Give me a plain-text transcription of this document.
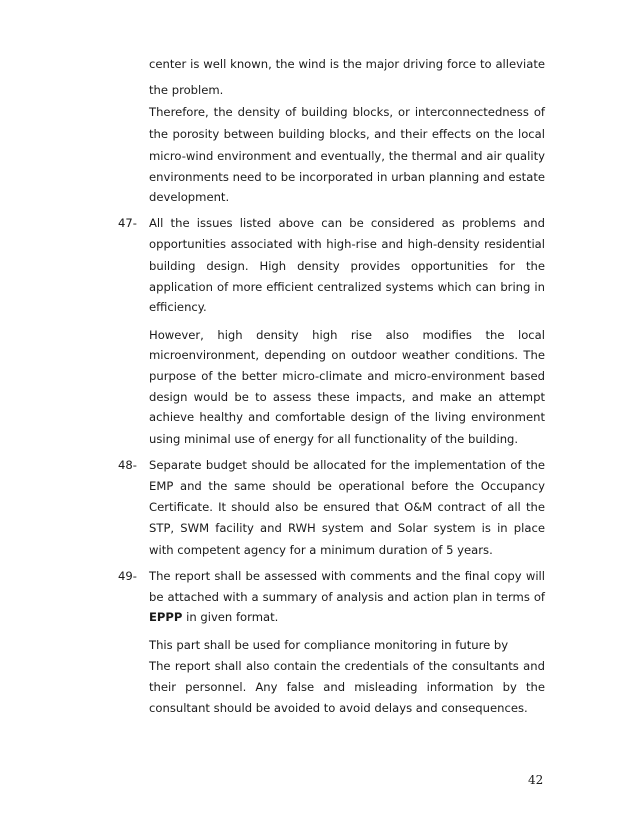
center is well known, the wind is the major driving force to alleviate
the problem.
Therefore, the density of building blocks, or interconnectedness of
the porosity between building blocks, and their effects on the local
micro-wind environment and eventually, the thermal and air quality
environments need to be incorporated in urban planning and estate
development.
47- All the issues listed above can be considered as problems and
opportunities associated with high-rise and high-density residential
building design. High density provides opportunities for the
application of more efficient centralized systems which can bring in
efficiency.
However, high density high rise also modifies the local
microenvironment, depending on outdoor weather conditions. The
purpose of the better micro-climate and micro-environment based
design would be to assess these impacts, and make an attempt
achieve healthy and comfortable design of the living environment
using minimal use of energy for all functionality of the building.
48- Separate budget should be allocated for the implementation of the
EMP and the same should be operational before the Occupancy
Certificate. It should also be ensured that O&M contract of all the
STP, SWM facility and RWH system and Solar system is in place
with competent agency for a minimum duration of 5 years.
49- The report shall be assessed with comments and the final copy will
be attached with a summary of analysis and action plan in terms of
EPPP in given format.
This part shall be used for compliance monitoring in future by
The report shall also contain the credentials of the consultants and
their personnel. Any false and misleading information by the
consultant should be avoided to avoid delays and consequences.
42
